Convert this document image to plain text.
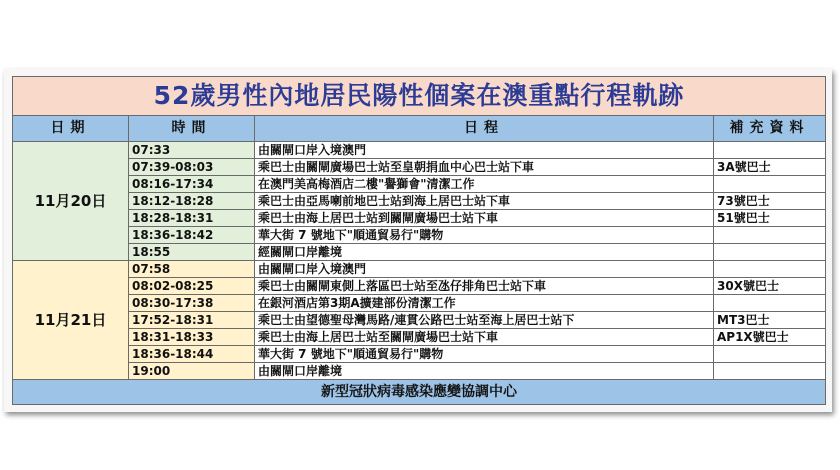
52歲男性內地居民陽性個案在澳重點行程軌跡			
日期	時間	日程	補充資料
11月20日	07:33	由關閘口岸入境澳門	
	07:39-08:03	乘巴士由關閘廣場巴士站至皇朝捐血中心巴士站下車	3A號巴士
	08:16-17:34	在澳門美高梅酒店二樓"譽獅會"清潔工作	
	18:12-18:28	乘巴士由亞馬喇前地巴士站到海上居巴士站下車	73號巴士
	18:28-18:31	乘巴士由海上居巴士站到關閘廣場巴士站下車	51號巴士
	18:36-18:42	華大街 7 號地下"順通貿易行"購物	
	18:55	經關閘口岸離境	
11月21日	07:58	由關閘口岸入境澳門	
	08:02-08:25	乘巴士由關閘東側上落區巴士站至氹仔排角巴士站下車	30X號巴士
	08:30-17:38	在銀河酒店第3期A擴建部份清潔工作	
	17:52-18:31	乘巴士由望德聖母灣馬路/連貫公路巴士站至海上居巴士站下	MT3巴士
	18:31-18:33	乘巴士由海上居巴士站至關閘廣場巴士站下車	AP1X號巴士
	18:36-18:44	華大街 7 號地下"順通貿易行"購物	
	19:00	由關閘口岸離境	
新型冠狀病毒感染應變協調中心			
